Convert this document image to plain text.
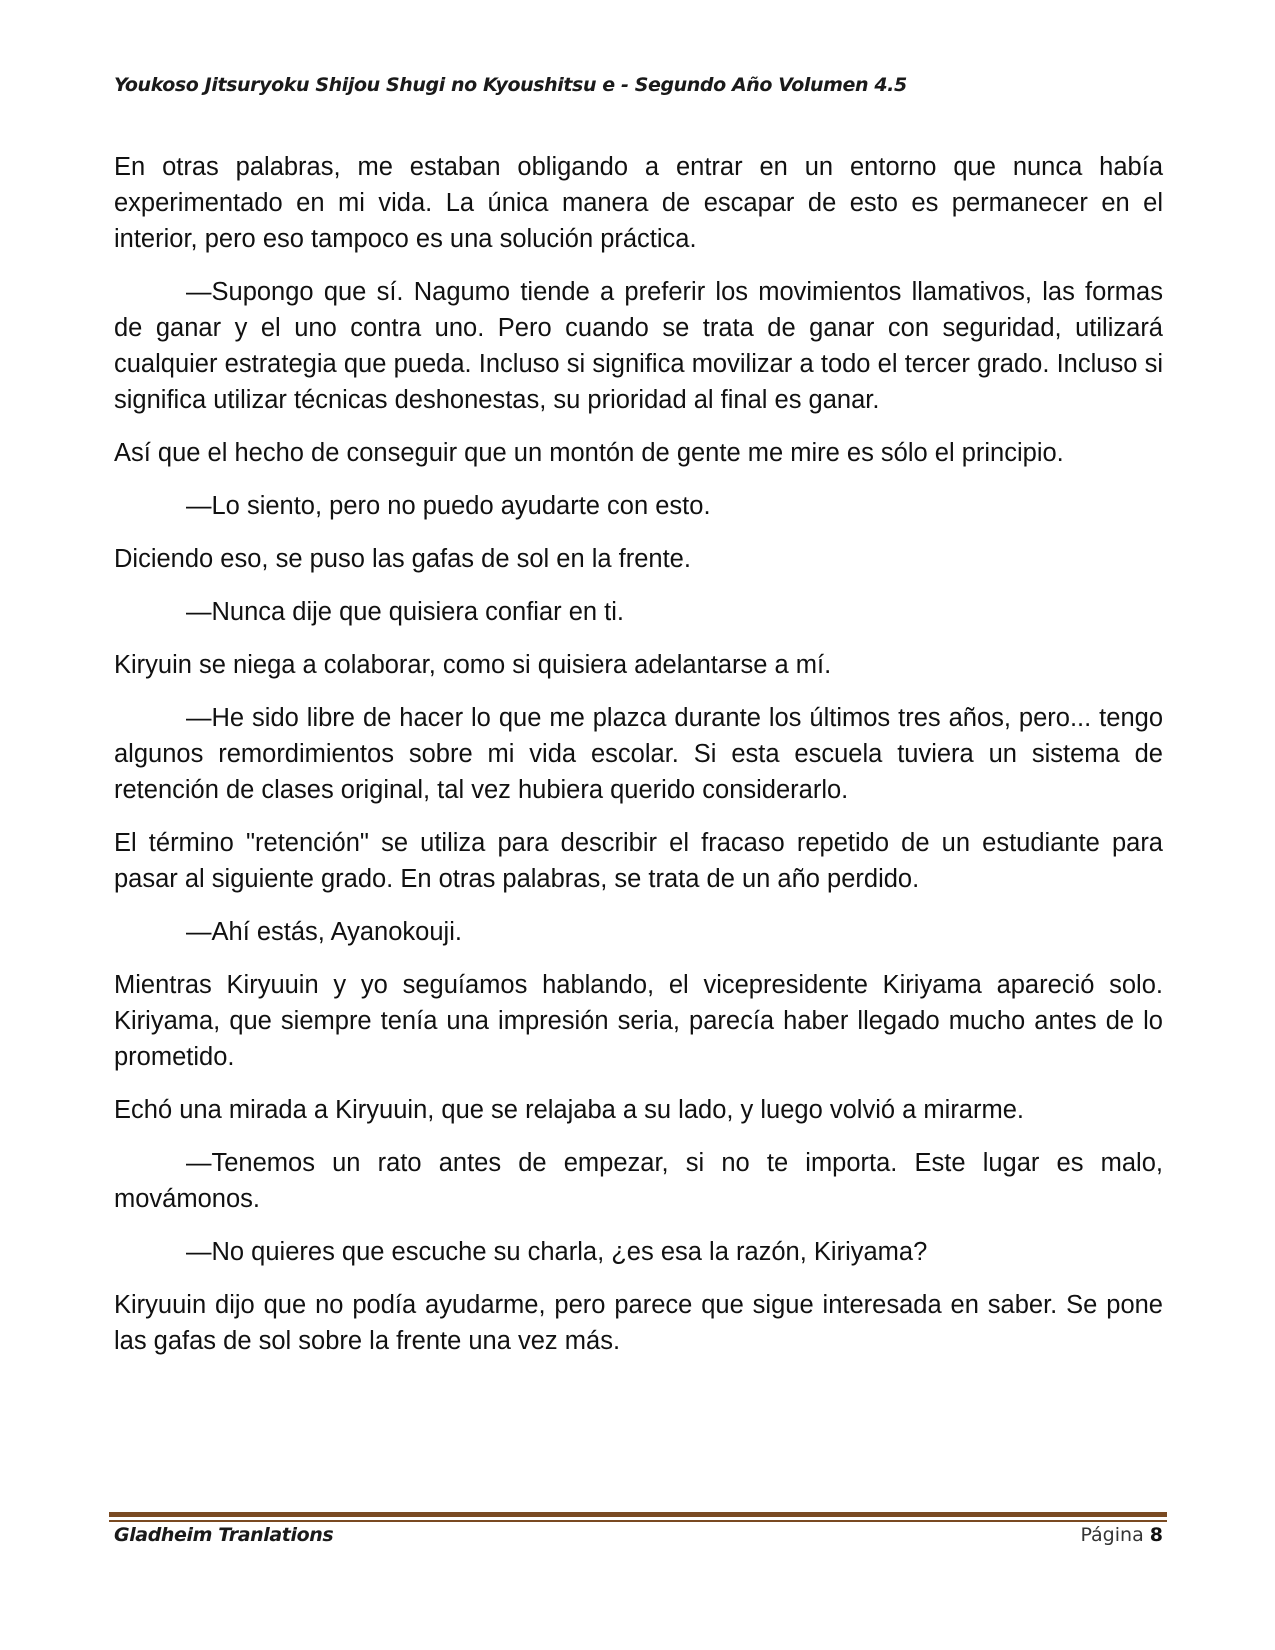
Youkoso Jitsuryoku Shijou Shugi no Kyoushitsu e - Segundo Año Volumen 4.5

En otras palabras, me estaban obligando a entrar en un entorno que nunca había experimentado en mi vida. La única manera de escapar de esto es permanecer en el interior, pero eso tampoco es una solución práctica.

—Supongo que sí. Nagumo tiende a preferir los movimientos llamativos, las formas de ganar y el uno contra uno. Pero cuando se trata de ganar con seguridad, utilizará cualquier estrategia que pueda. Incluso si significa movilizar a todo el tercer grado. Incluso si significa utilizar técnicas deshonestas, su prioridad al final es ganar.

Así que el hecho de conseguir que un montón de gente me mire es sólo el principio.

—Lo siento, pero no puedo ayudarte con esto.

Diciendo eso, se puso las gafas de sol en la frente.

—Nunca dije que quisiera confiar en ti.

Kiryuin se niega a colaborar, como si quisiera adelantarse a mí.

—He sido libre de hacer lo que me plazca durante los últimos tres años, pero... tengo algunos remordimientos sobre mi vida escolar. Si esta escuela tuviera un sistema de retención de clases original, tal vez hubiera querido considerarlo.

El término "retención" se utiliza para describir el fracaso repetido de un estudiante para pasar al siguiente grado. En otras palabras, se trata de un año perdido.

—Ahí estás, Ayanokouji.

Mientras Kiryuuin y yo seguíamos hablando, el vicepresidente Kiriyama apareció solo. Kiriyama, que siempre tenía una impresión seria, parecía haber llegado mucho antes de lo prometido.

Echó una mirada a Kiryuuin, que se relajaba a su lado, y luego volvió a mirarme.

—Tenemos un rato antes de empezar, si no te importa. Este lugar es malo, movámonos.

—No quieres que escuche su charla, ¿es esa la razón, Kiriyama?

Kiryuuin dijo que no podía ayudarme, pero parece que sigue interesada en saber. Se pone las gafas de sol sobre la frente una vez más.

Gladheim Tranlations	Página 8
